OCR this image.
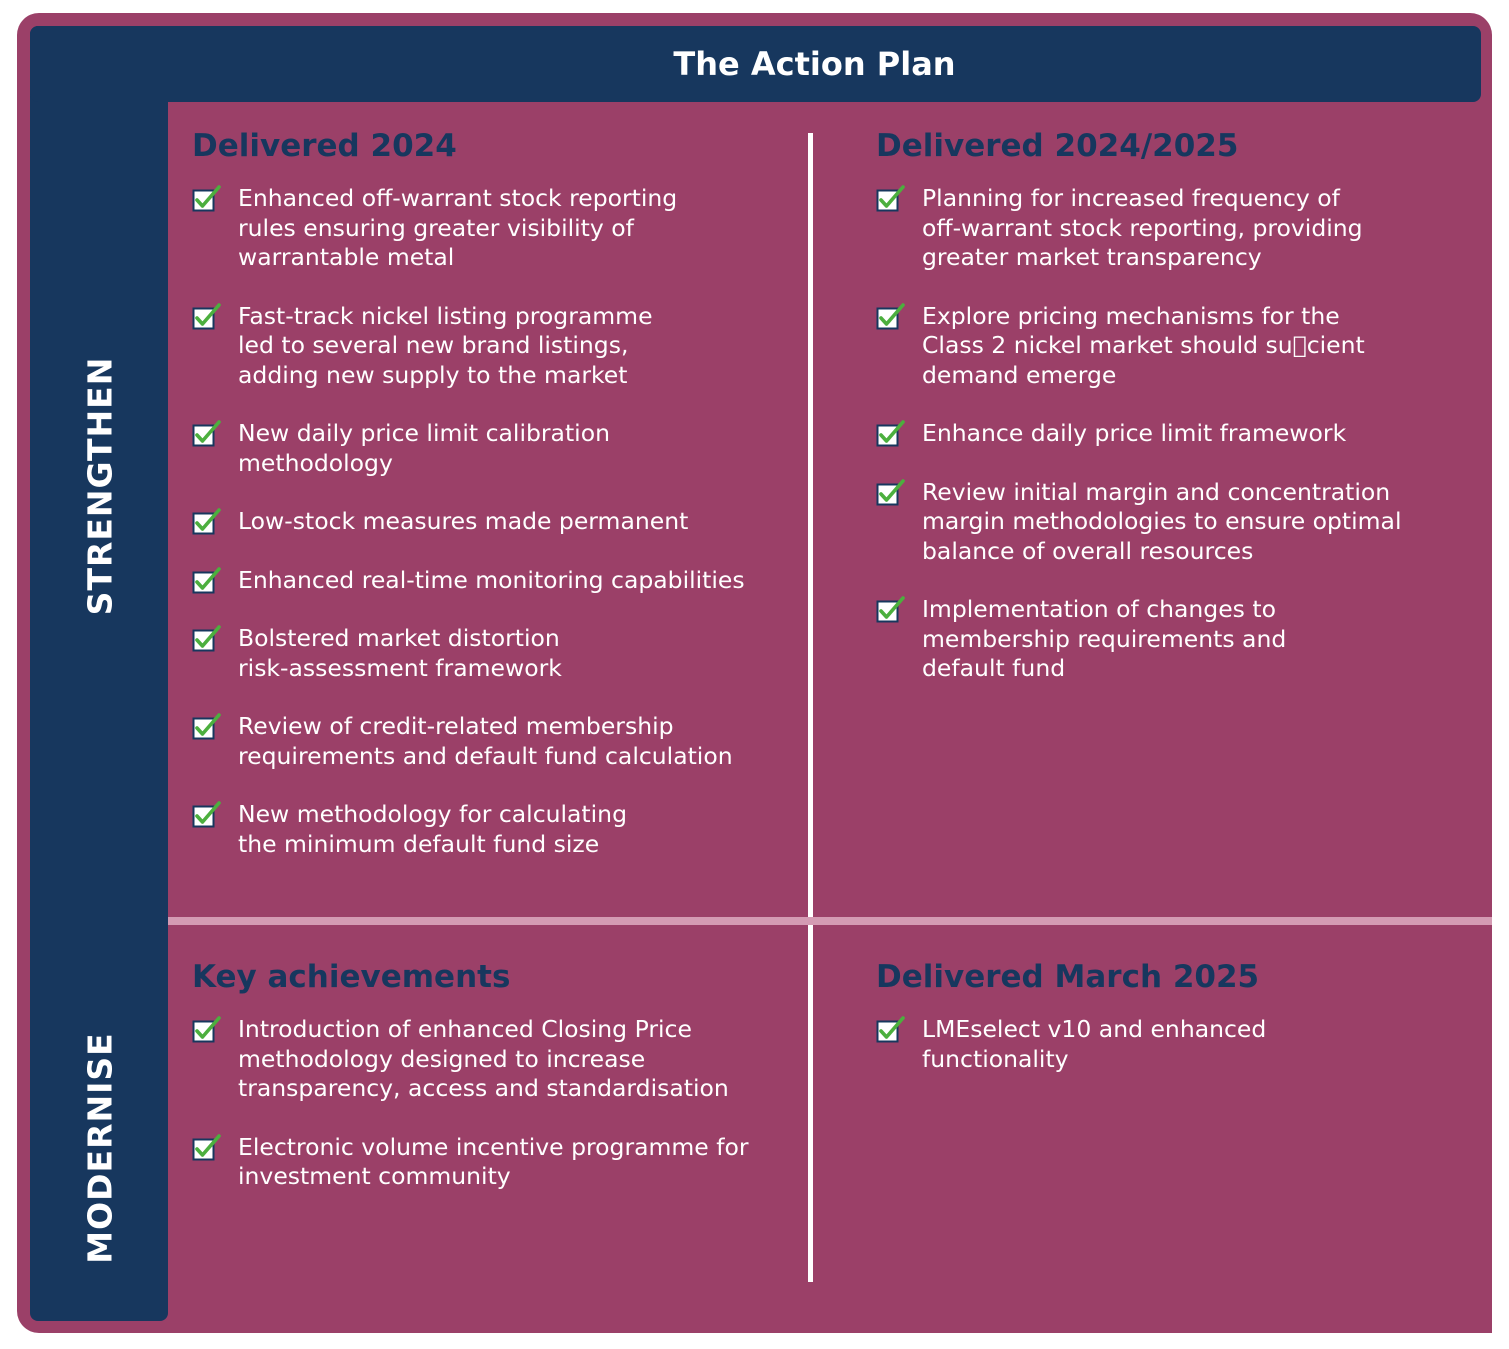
The Action Plan
STRENGTHEN
MODERNISE
Delivered 2024
Enhanced off-warrant stock reporting
rules ensuring greater visibility of
warrantable metal
Fast-track nickel listing programme
led to several new brand listings,
adding new supply to the market
New daily price limit calibration
methodology
Low-stock measures made permanent
Enhanced real-time monitoring capabilities
Bolstered market distortion
risk-assessment framework
Review of credit-related membership
requirements and default fund calculation
New methodology for calculating
the minimum default fund size
Delivered 2024/2025
Planning for increased frequency of
off-warrant stock reporting, providing
greater market transparency
Explore pricing mechanisms for the
Class 2 nickel market should su cient
demand emerge
Enhance daily price limit framework
Review initial margin and concentration
margin methodologies to ensure optimal
balance of overall resources
Implementation of changes to
membership requirements and
default fund
Key achievements
Introduction of enhanced Closing Price
methodology designed to increase
transparency, access and standardisation
Electronic volume incentive programme for
investment community
Delivered March 2025
LMEselect v10 and enhanced
functionality
